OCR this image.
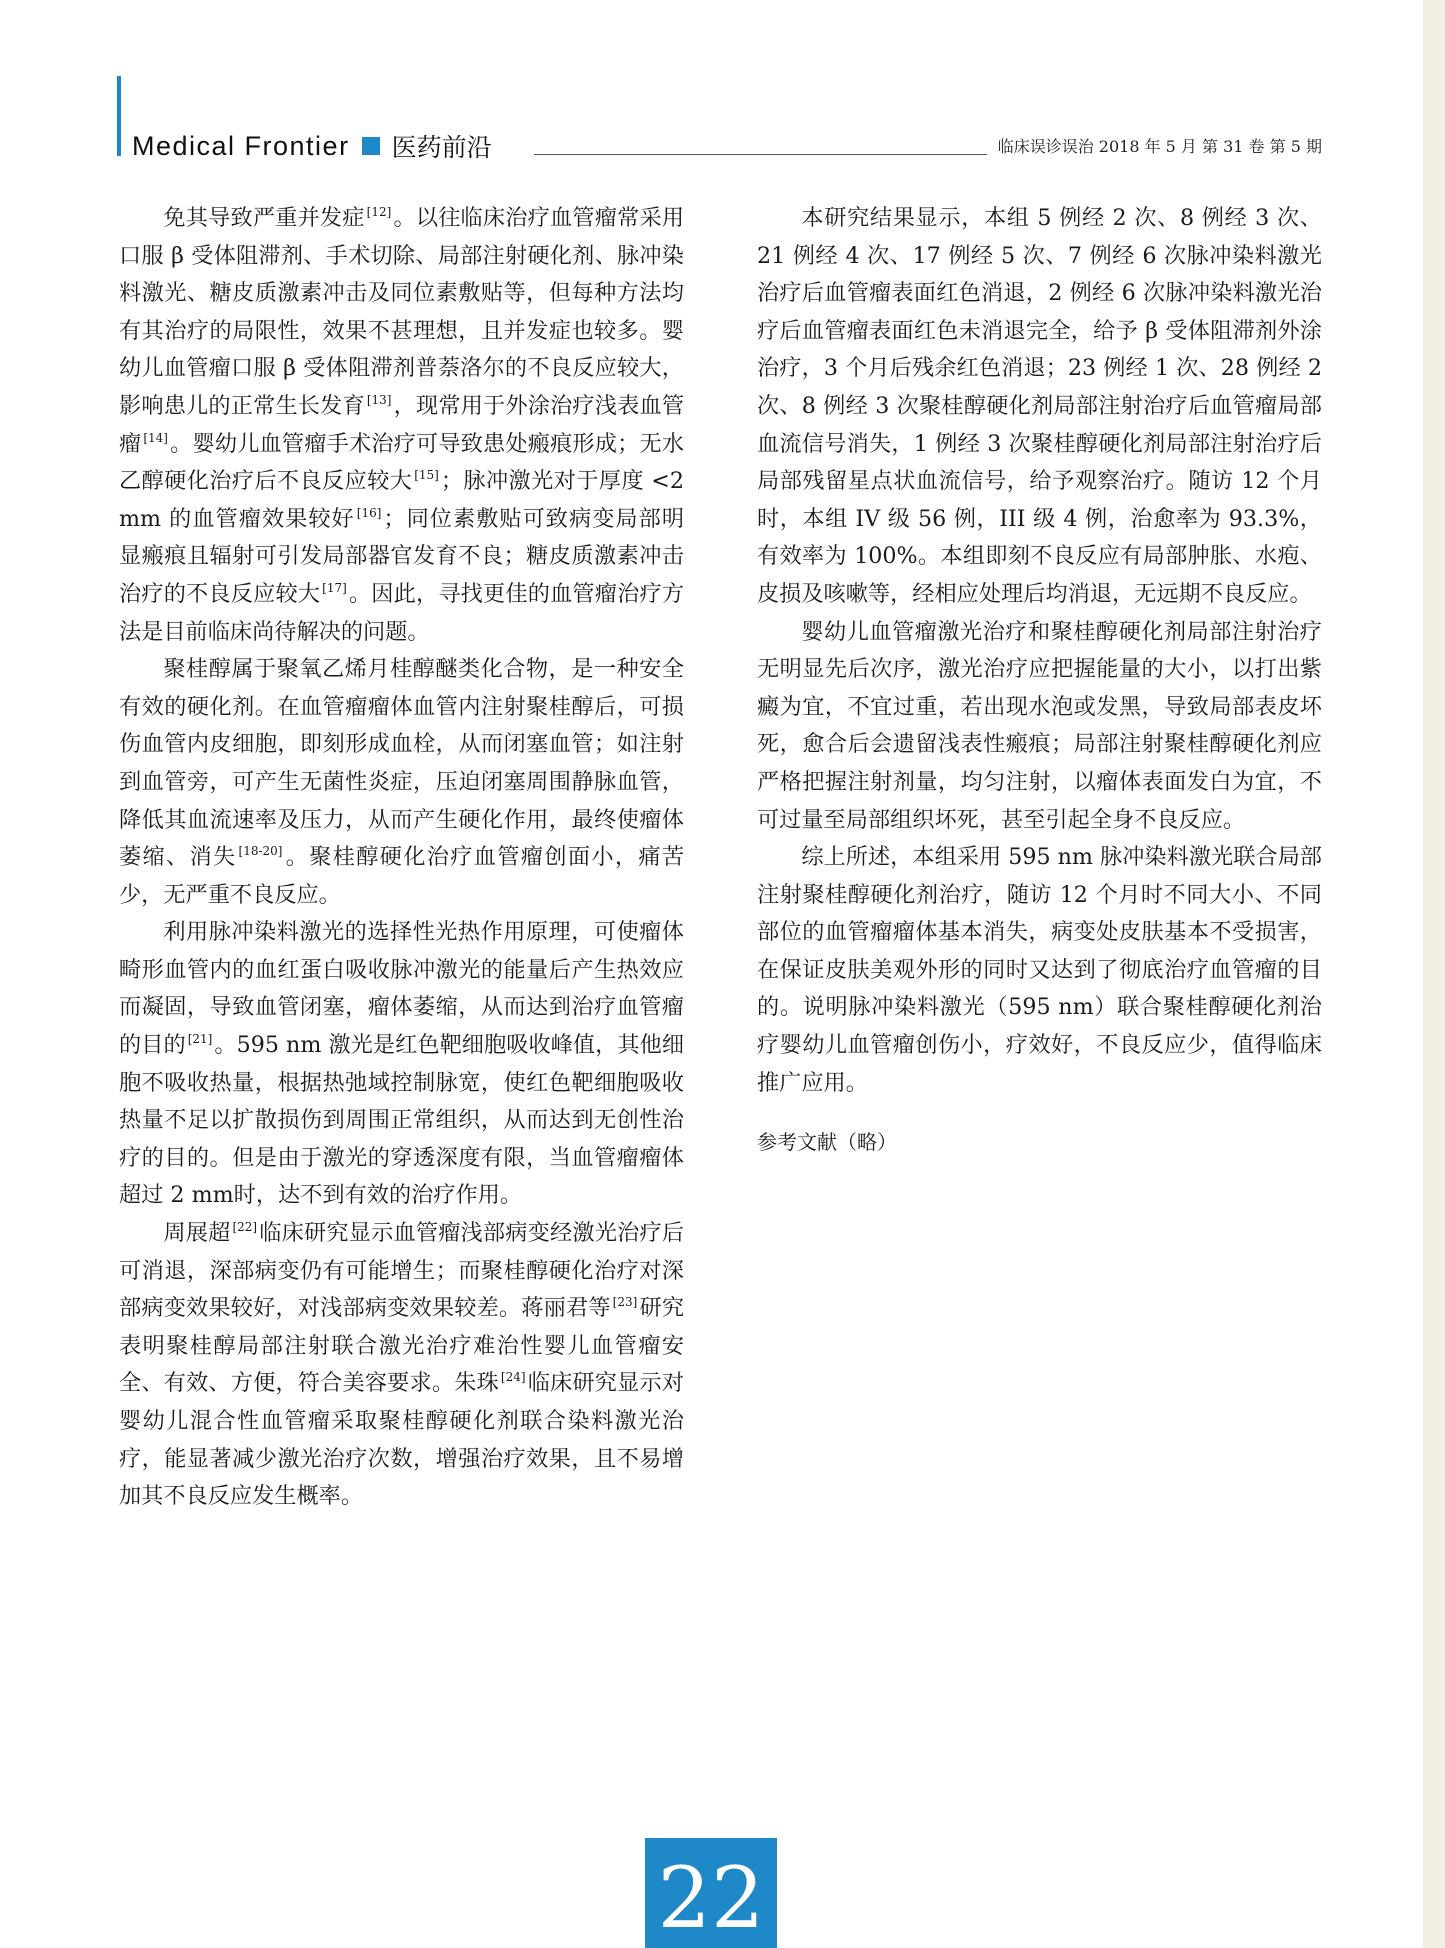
Medical Frontier 医药前沿	临床误诊误治 2018 年 5 月 第 31 卷 第 5 期

免其导致严重并发症 [12]。以往临床治疗血管瘤常采用口服 β 受体阻滞剂、手术切除、局部注射硬化剂、脉冲染料激光、糖皮质激素冲击及同位素敷贴等，但每种方法均有其治疗的局限性，效果不甚理想，且并发症也较多。婴幼儿血管瘤口服 β 受体阻滞剂普萘洛尔的不良反应较大，影响患儿的正常生长发育 [13]，现常用于外涂治疗浅表血管瘤 [14]。婴幼儿血管瘤手术治疗可导致患处瘢痕形成；无水乙醇硬化治疗后不良反应较大 [15]；脉冲激光对于厚度 <2 mm 的血管瘤效果较好 [16]；同位素敷贴可致病变局部明显瘢痕且辐射可引发局部器官发育不良；糖皮质激素冲击治疗的不良反应较大 [17]。因此，寻找更佳的血管瘤治疗方法是目前临床尚待解决的问题。

聚桂醇属于聚氧乙烯月桂醇醚类化合物，是一种安全有效的硬化剂。在血管瘤瘤体血管内注射聚桂醇后，可损伤血管内皮细胞，即刻形成血栓，从而闭塞血管；如注射到血管旁，可产生无菌性炎症，压迫闭塞周围静脉血管，降低其血流速率及压力，从而产生硬化作用，最终使瘤体萎缩、消失 [18-20]。聚桂醇硬化治疗血管瘤创面小，痛苦少，无严重不良反应。

利用脉冲染料激光的选择性光热作用原理，可使瘤体畸形血管内的血红蛋白吸收脉冲激光的能量后产生热效应而凝固，导致血管闭塞，瘤体萎缩，从而达到治疗血管瘤的目的 [21]。595 nm 激光是红色靶细胞吸收峰值，其他细胞不吸收热量，根据热弛域控制脉宽，使红色靶细胞吸收热量不足以扩散损伤到周围正常组织，从而达到无创性治疗的目的。但是由于激光的穿透深度有限，当血管瘤瘤体超过 2 mm时，达不到有效的治疗作用。

周展超 [22]临床研究显示血管瘤浅部病变经激光治疗后可消退，深部病变仍有可能增生；而聚桂醇硬化治疗对深部病变效果较好，对浅部病变效果较差。蒋丽君等 [23]研究表明聚桂醇局部注射联合激光治疗难治性婴儿血管瘤安全、有效、方便，符合美容要求。朱珠 [24]临床研究显示对婴幼儿混合性血管瘤采取聚桂醇硬化剂联合染料激光治疗，能显著减少激光治疗次数，增强治疗效果，且不易增加其不良反应发生概率。

本研究结果显示，本组 5 例经 2 次、8 例经 3 次、21 例经 4 次、17 例经 5 次、7 例经 6 次脉冲染料激光治疗后血管瘤表面红色消退，2 例经 6 次脉冲染料激光治疗后血管瘤表面红色未消退完全，给予 β 受体阻滞剂外涂治疗，3 个月后残余红色消退；23 例经 1 次、28 例经 2 次、8 例经 3 次聚桂醇硬化剂局部注射治疗后血管瘤局部血流信号消失，1 例经 3 次聚桂醇硬化剂局部注射治疗后局部残留星点状血流信号，给予观察治疗。随访 12 个月时，本组 IV 级 56 例，III 级 4 例，治愈率为 93.3%，有效率为 100%。本组即刻不良反应有局部肿胀、水疱、皮损及咳嗽等，经相应处理后均消退，无远期不良反应。

婴幼儿血管瘤激光治疗和聚桂醇硬化剂局部注射治疗无明显先后次序，激光治疗应把握能量的大小，以打出紫癜为宜，不宜过重，若出现水泡或发黑，导致局部表皮坏死，愈合后会遗留浅表性瘢痕；局部注射聚桂醇硬化剂应严格把握注射剂量，均匀注射，以瘤体表面发白为宜，不可过量至局部组织坏死，甚至引起全身不良反应。

综上所述，本组采用 595 nm 脉冲染料激光联合局部注射聚桂醇硬化剂治疗，随访 12 个月时不同大小、不同部位的血管瘤瘤体基本消失，病变处皮肤基本不受损害，在保证皮肤美观外形的同时又达到了彻底治疗血管瘤的目的。说明脉冲染料激光（595 nm）联合聚桂醇硬化剂治疗婴幼儿血管瘤创伤小，疗效好，不良反应少，值得临床推广应用。

参考文献（略）

22
